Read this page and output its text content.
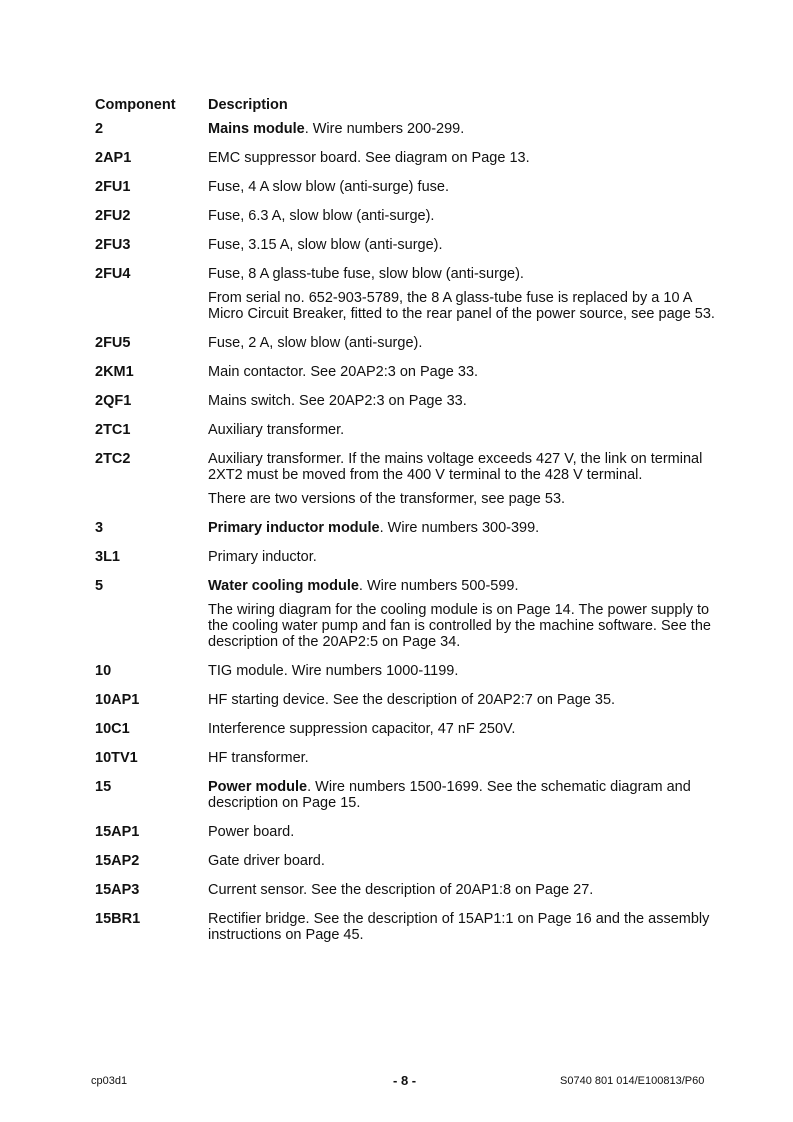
Component	Description
2	Mains module. Wire numbers 200-299.

2AP1	EMC suppressor board. See diagram on Page 13.

2FU1	Fuse, 4 A slow blow (anti-surge) fuse.

2FU2	Fuse, 6.3 A, slow blow (anti-surge).

2FU3	Fuse, 3.15 A, slow blow (anti-surge).

2FU4	Fuse, 8 A glass-tube fuse, slow blow (anti-surge).

From serial no. 652-903-5789, the 8 A glass-tube fuse is replaced by a 10 A Micro Circuit Breaker, fitted to the rear panel of the power source, see page 53.

2FU5	Fuse, 2 A, slow blow (anti-surge).

2KM1	Main contactor. See 20AP2:3 on Page 33.

2QF1	Mains switch. See 20AP2:3 on Page 33.

2TC1	Auxiliary transformer.

2TC2	Auxiliary transformer. If the mains voltage exceeds 427 V, the link on terminal 2XT2 must be moved from the 400 V terminal to the 428 V terminal.

There are two versions of the transformer, see page 53.

3	Primary inductor module. Wire numbers 300-399.

3L1	Primary inductor.

5	Water cooling module. Wire numbers 500-599.

The wiring diagram for the cooling module is on Page 14. The power supply to the cooling water pump and fan is controlled by the machine software. See the description of the 20AP2:5 on Page 34.

10	TIG module. Wire numbers 1000-1199.

10AP1	HF starting device. See the description of 20AP2:7 on Page 35.

10C1	Interference suppression capacitor, 47 nF 250V.

10TV1	HF transformer.

15	Power module. Wire numbers 1500-1699. See the schematic diagram and description on Page 15.

15AP1	Power board.

15AP2	Gate driver board.

15AP3	Current sensor. See the description of 20AP1:8 on Page 27.

15BR1	Rectifier bridge. See the description of 15AP1:1 on Page 16 and the assembly instructions on Page 45.

cp03d1	- 8 -	S0740 801 014/E100813/P60
